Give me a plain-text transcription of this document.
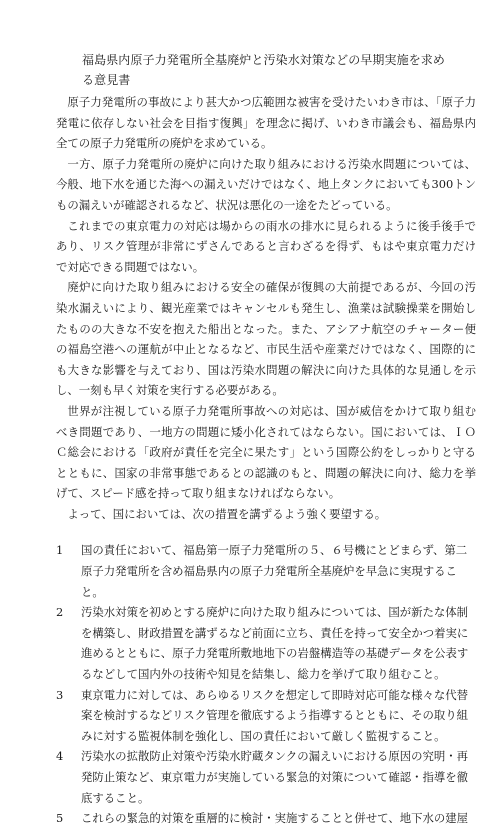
福島県内原子力発電所全基廃炉と汚染水対策などの早期実施を求め
る意見書

原子力発電所の事故により甚大かつ広範囲な被害を受けたいわき市は、「原子力発電に依存しない社会を目指す復興」を理念に掲げ、いわき市議会も、福島県内全ての原子力発電所の廃炉を求めている。

一方、原子力発電所の廃炉に向けた取り組みにおける汚染水問題については、今般、地下水を通じた海への漏えいだけではなく、地上タンクにおいても300トンもの漏えいが確認されるなど、状況は悪化の一途をたどっている。

これまでの東京電力の対応は場からの雨水の排水に見られるように後手後手であり、リスク管理が非常にずさんであると言わざるを得ず、もはや東京電力だけで対応できる問題ではない。

廃炉に向けた取り組みにおける安全の確保が復興の大前提であるが、今回の汚染水漏えいにより、観光産業ではキャンセルも発生し、漁業は試験操業を開始したものの大きな不安を抱えた船出となった。また、アシアナ航空のチャーター便の福島空港への運航が中止となるなど、市民生活や産業だけではなく、国際的にも大きな影響を与えており、国は汚染水問題の解決に向けた具体的な見通しを示し、一刻も早く対策を実行する必要がある。

世界が注視している原子力発電所事故への対応は、国が威信をかけて取り組むべき問題であり、一地方の問題に矮小化されてはならない。国においては、ＩＯＣ総会における「政府が責任を完全に果たす」という国際公約をしっかりと守るとともに、国家の非常事態であるとの認識のもと、問題の解決に向け、総力を挙げて、スピード感を持って取り組まなければならない。

よって、国においては、次の措置を講ずるよう強く要望する。

1	国の責任において、福島第一原子力発電所の５、６号機にとどまらず、第二原子力発電所を含め福島県内の原子力発電所全基廃炉を早急に実現すること。
2	汚染水対策を初めとする廃炉に向けた取り組みについては、国が新たな体制を構築し、財政措置を講ずるなど前面に立ち、責任を持って安全かつ着実に進めるとともに、原子力発電所敷地地下の岩盤構造等の基礎データを公表するなどして国内外の技術や知見を結集し、総力を挙げて取り組むこと。
3	東京電力に対しては、あらゆるリスクを想定して即時対応可能な様々な代替案を検討するなどリスク管理を徹底するよう指導するとともに、その取り組みに対する監視体制を強化し、国の責任において厳しく監視すること。
4	汚染水の拡散防止対策や汚染水貯蔵タンクの漏えいにおける原因の究明・再発防止策など、東京電力が実施している緊急的対策について確認・指導を徹底すること。
5	これらの緊急的対策を重層的に検討・実施することと併せて、地下水の建屋
